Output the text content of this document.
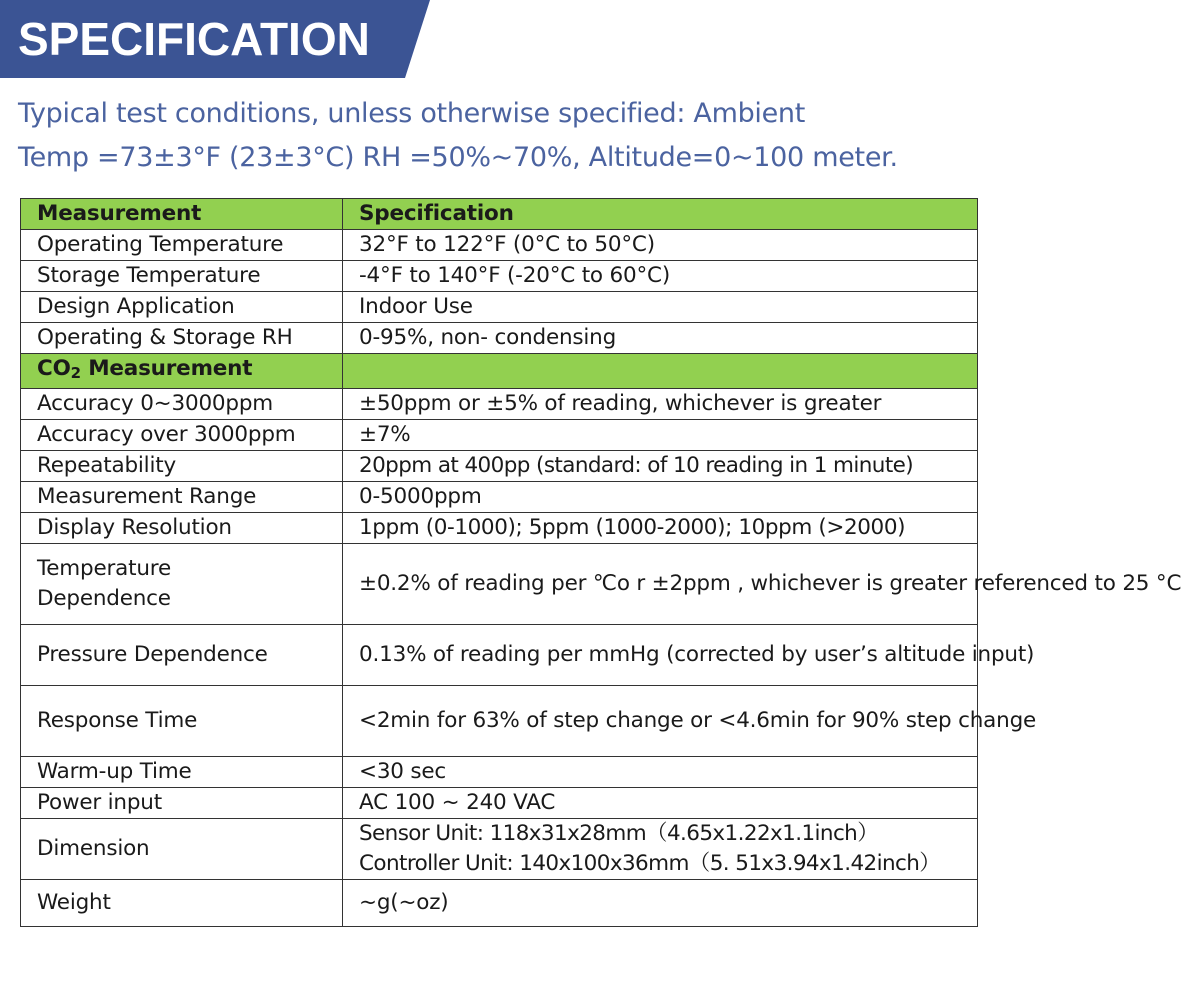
SPECIFICATION
Typical test conditions, unless otherwise specified: Ambient
Temp =73±3°F (23±3°C) RH =50%~70%, Altitude=0~100 meter.
Measurement	Specification
Operating Temperature	32°F to 122°F (0°C to 50°C)
Storage Temperature	-4°F to 140°F (-20°C to 60°C)
Design Application	Indoor Use
Operating & Storage RH	0-95%, non- condensing
CO2 Measurement	
Accuracy 0~3000ppm	±50ppm or ±5% of reading, whichever is greater
Accuracy over 3000ppm	±7%
Repeatability	20ppm at 400pp (standard: of 10 reading in 1 minute)
Measurement Range	0-5000ppm
Display Resolution	1ppm (0-1000); 5ppm (1000-2000); 10ppm (>2000)

Temperature
Dependence	±0.2% of reading per ℃o r ±2ppm , whichever is greater referenced to 25 °C
Pressure Dependence	0.13% of reading per mmHg (corrected by user’s altitude input)
Response Time	<2min for 63% of step change or <4.6min for 90% step change
Warm-up Time	<30 sec
Power input	AC 100 ~ 240 VAC
Dimension	Sensor Unit: 118x31x28mm（4.65x1.22x1.1inch）
Controller Unit: 140x100x36mm（5. 51x3.94x1.42inch）

Weight	~g(~oz)
